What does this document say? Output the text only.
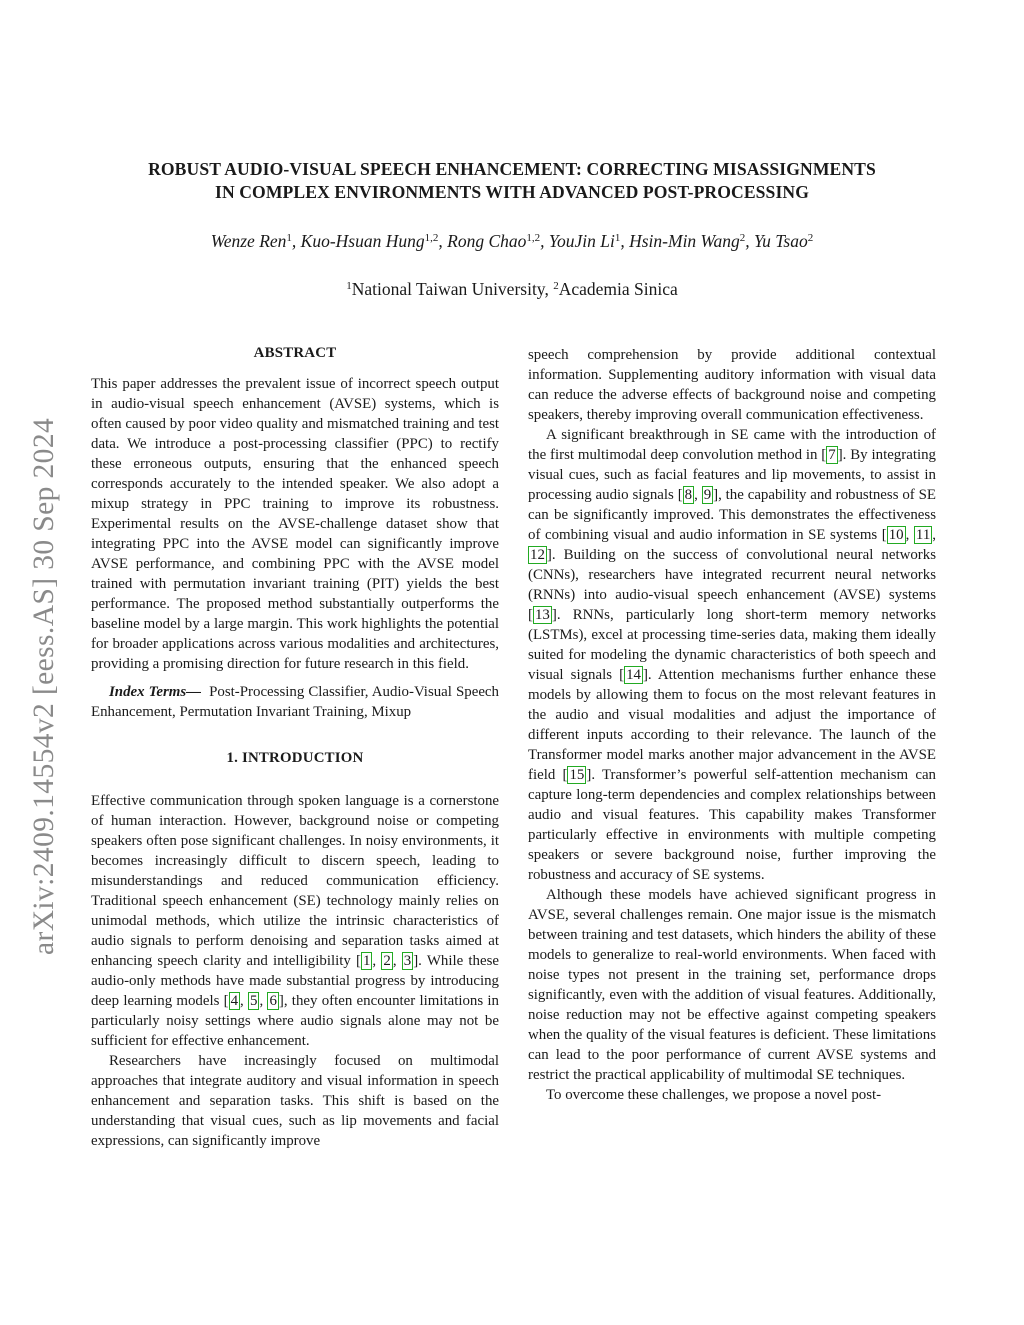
arXiv:2409.14554v2 [eess.AS] 30 Sep 2024
ROBUST AUDIO-VISUAL SPEECH ENHANCEMENT: CORRECTING MISASSIGNMENTS
IN COMPLEX ENVIRONMENTS WITH ADVANCED POST-PROCESSING
Wenze Ren$^1$, Kuo-Hsuan Hung$^{1,2}$, Rong Chao$^{1,2}$, YouJin Li$^1$, Hsin-Min Wang$^2$, Yu Tsao$^2$
$^1$National Taiwan University, $^2$Academia Sinica
ABSTRACT

This paper addresses the prevalent issue of incorrect speech output in audio-visual speech enhancement (AVSE) systems, which is often caused by poor video quality and mismatched training and test data. We introduce a post-processing classifier (PPC) to rectify these erroneous outputs, ensuring that the enhanced speech corresponds accurately to the intended speaker. We also adopt a mixup strategy in PPC training to improve its robustness. Experimental results on the AVSE-challenge dataset show that integrating PPC into the AVSE model can significantly improve AVSE performance, and combining PPC with the AVSE model trained with permutation invariant training (PIT) yields the best performance. The proposed method substantially outperforms the baseline model by a large margin. This work highlights the potential for broader applications across various modalities and architectures, providing a promising direction for future research in this field.

Index Terms— Post-Processing Classifier, Audio-Visual Speech Enhancement, Permutation Invariant Training, Mixup

1. INTRODUCTION

Effective communication through spoken language is a cornerstone of human interaction. However, background noise or competing speakers often pose significant challenges. In noisy environments, it becomes increasingly difficult to discern speech, leading to misunderstandings and reduced communication efficiency. Traditional speech enhancement (SE) technology mainly relies on unimodal methods, which utilize the intrinsic characteristics of audio signals to perform denoising and separation tasks aimed at enhancing speech clarity and intelligibility [ 1 , 2 , 3 ]. While these audio-only methods have made substantial progress by introducing deep learning models [ 4 , 5 , 6 ], they often encounter limitations in particularly noisy settings where audio signals alone may not be sufficient for effective enhancement.

Researchers have increasingly focused on multimodal approaches that integrate auditory and visual information in speech enhancement and separation tasks. This shift is based on the understanding that visual cues, such as lip movements and facial expressions, can significantly improve

speech comprehension by provide additional contextual information. Supplementing auditory information with visual data can reduce the adverse effects of background noise and competing speakers, thereby improving overall communication effectiveness.

A significant breakthrough in SE came with the introduction of the first multimodal deep convolution method in [ 7 ]. By integrating visual cues, such as facial features and lip movements, to assist in processing audio signals [ 8 , 9 ], the capability and robustness of SE can be significantly improved. This demonstrates the effectiveness of combining visual and audio information in SE systems [ 10 , 11 , 12 ]. Building on the success of convolutional neural networks (CNNs), researchers have integrated recurrent neural networks (RNNs) into audio-visual speech enhancement (AVSE) systems [ 13 ]. RNNs, particularly long short-term memory networks (LSTMs), excel at processing time-series data, making them ideally suited for modeling the dynamic characteristics of both speech and visual signals [ 14 ]. Attention mechanisms further enhance these models by allowing them to focus on the most relevant features in the audio and visual modalities and adjust the importance of different inputs according to their relevance. The launch of the Transformer model marks another major advancement in the AVSE field [ 15 ]. Transformer’s powerful self-attention mechanism can capture long-term dependencies and complex relationships between audio and visual features. This capability makes Transformer particularly effective in environments with multiple competing speakers or severe background noise, further improving the robustness and accuracy of SE systems.

Although these models have achieved significant progress in AVSE, several challenges remain. One major issue is the mismatch between training and test datasets, which hinders the ability of these models to generalize to real-world environments. When faced with noise types not present in the training set, performance drops significantly, even with the addition of visual features. Additionally, noise reduction may not be effective against competing speakers when the quality of the visual features is deficient. These limitations can lead to the poor performance of current AVSE systems and restrict the practical applicability of multimodal SE techniques.

To overcome these challenges, we propose a novel post-
